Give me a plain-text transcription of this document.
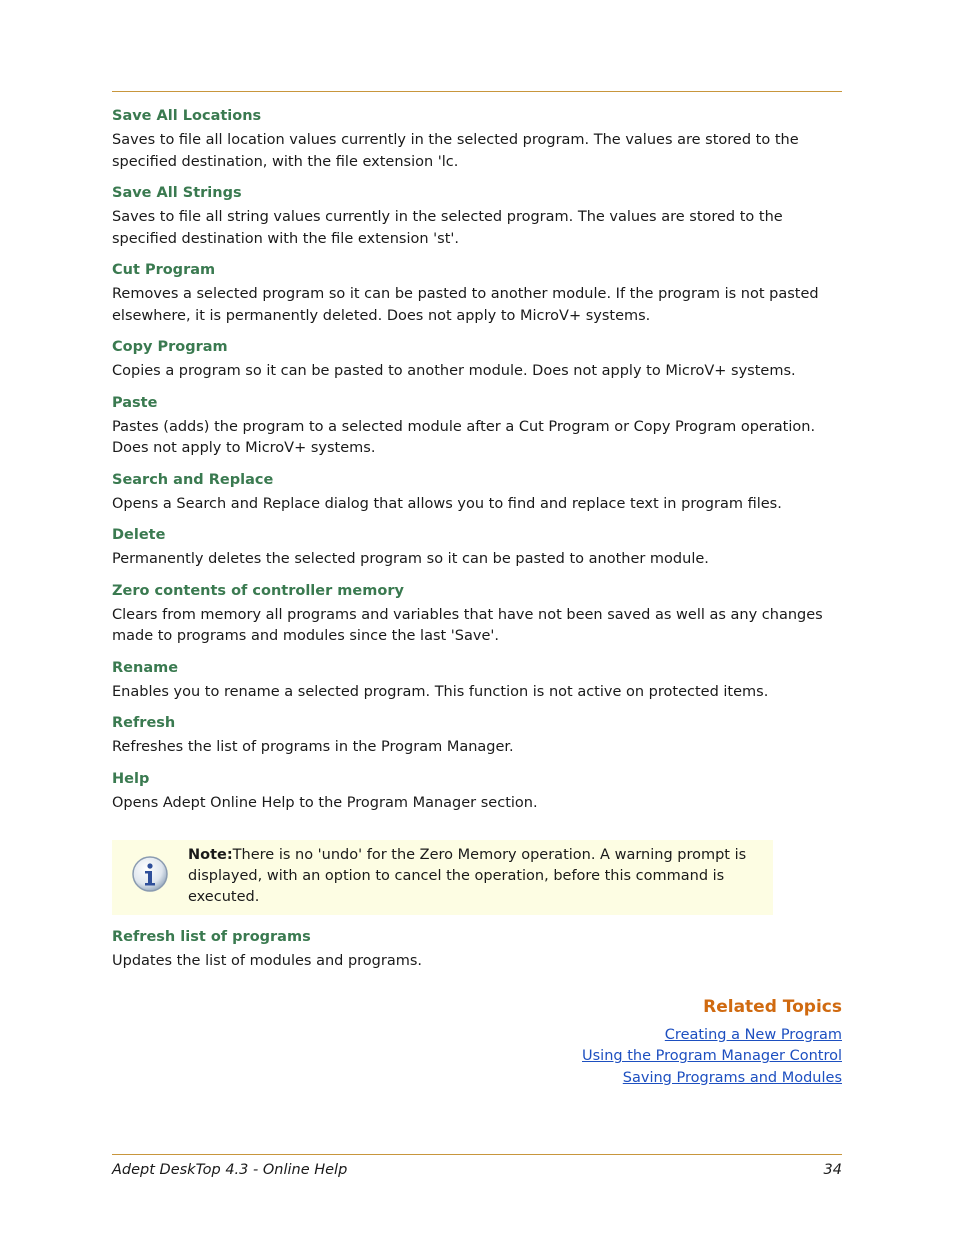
Save All Locations

Saves to file all location values currently in the selected program. The values are stored to the specified destination, with the file extension 'lc.

Save All Strings

Saves to file all string values currently in the selected program. The values are stored to the specified destination with the file extension 'st'.

Cut Program

Removes a selected program so it can be pasted to another module. If the program is not pasted elsewhere, it is permanently deleted. Does not apply to MicroV+ systems.

Copy Program

Copies a program so it can be pasted to another module. Does not apply to MicroV+ systems.

Paste

Pastes (adds) the program to a selected module after a Cut Program or Copy Program operation. Does not apply to MicroV+ systems.

Search and Replace

Opens a Search and Replace dialog that allows you to find and replace text in program files.

Delete

Permanently deletes the selected program so it can be pasted to another module.

Zero contents of controller memory

Clears from memory all programs and variables that have not been saved as well as any changes made to programs and modules since the last 'Save'.

Rename

Enables you to rename a selected program. This function is not active on protected items.

Refresh

Refreshes the list of programs in the Program Manager.

Help

Opens Adept Online Help to the Program Manager section.

Note:There is no 'undo' for the Zero Memory operation. A warning prompt is displayed, with an option to cancel the operation, before this command is executed.
Refresh list of programs

Updates the list of modules and programs.

Related Topics
Creating a New Program
Using the Program Manager Control
Saving Programs and Modules
Adept DeskTop 4.3 - Online Help	34
